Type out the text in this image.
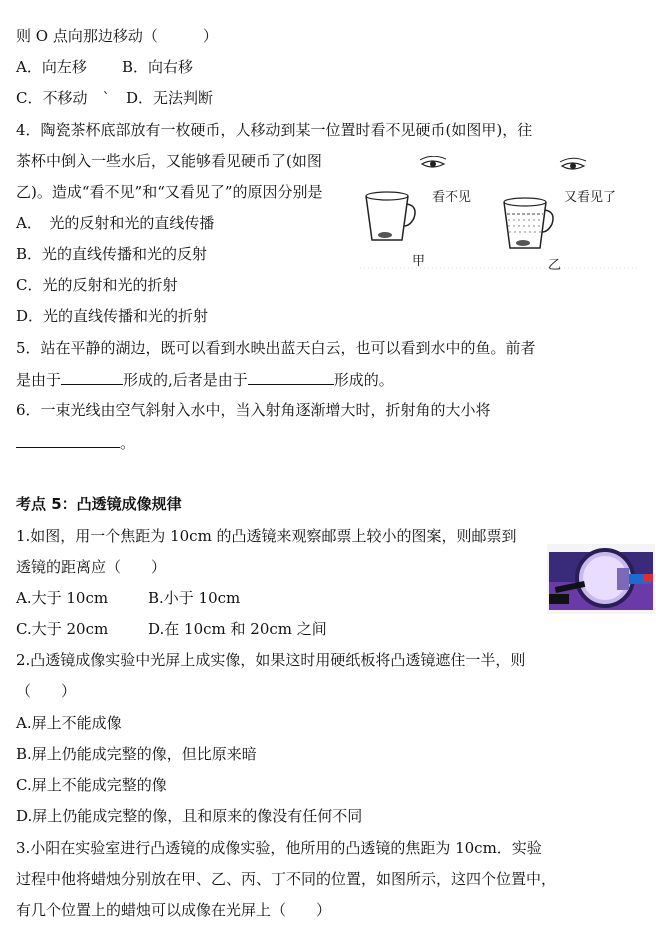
则 O 点向那边移动（　　　）
A．向左移 B．向右移
C．不移动　` D．无法判断
4．陶瓷茶杯底部放有一枚硬币，人移动到某一位置时看不见硬币(如图甲)，往
茶杯中倒入一些水后，又能够看见硬币了(如图
乙)。造成“看不见”和“又看见了”的原因分别是
A．　光的反射和光的直线传播
B．光的直线传播和光的反射
C．光的反射和光的折射
D．光的直线传播和光的折射
5．站在平静的湖边，既可以看到水映出蓝天白云，也可以看到水中的鱼。前者
是由于	形成的,后者是由于	形成的。
6．一束光线由空气斜射入水中，当入射角逐渐增大时，折射角的大小将
。
考点 5：凸透镜成像规律
1.如图，用一个焦距为 10cm 的凸透镜来观察邮票上较小的图案，则邮票到
透镜的距离应（　　）
A.大于 10cm	B.小于 10cm
C.大于 20cm	D.在 10cm 和 20cm 之间
2.凸透镜成像实验中光屏上成实像，如果这时用硬纸板将凸透镜遮住一半，则
（　　）
A.屏上不能成像
B.屏上仍能成完整的像，但比原来暗
C.屏上不能成完整的像
D.屏上仍能成完整的像，且和原来的像没有任何不同
3.小阳在实验室进行凸透镜的成像实验，他所用的凸透镜的焦距为 10cm．实验
过程中他将蜡烛分别放在甲、乙、丙、丁不同的位置，如图所示，这四个位置中，
有几个位置上的蜡烛可以成像在光屏上（　　）
看不见	又看见了
甲	乙
